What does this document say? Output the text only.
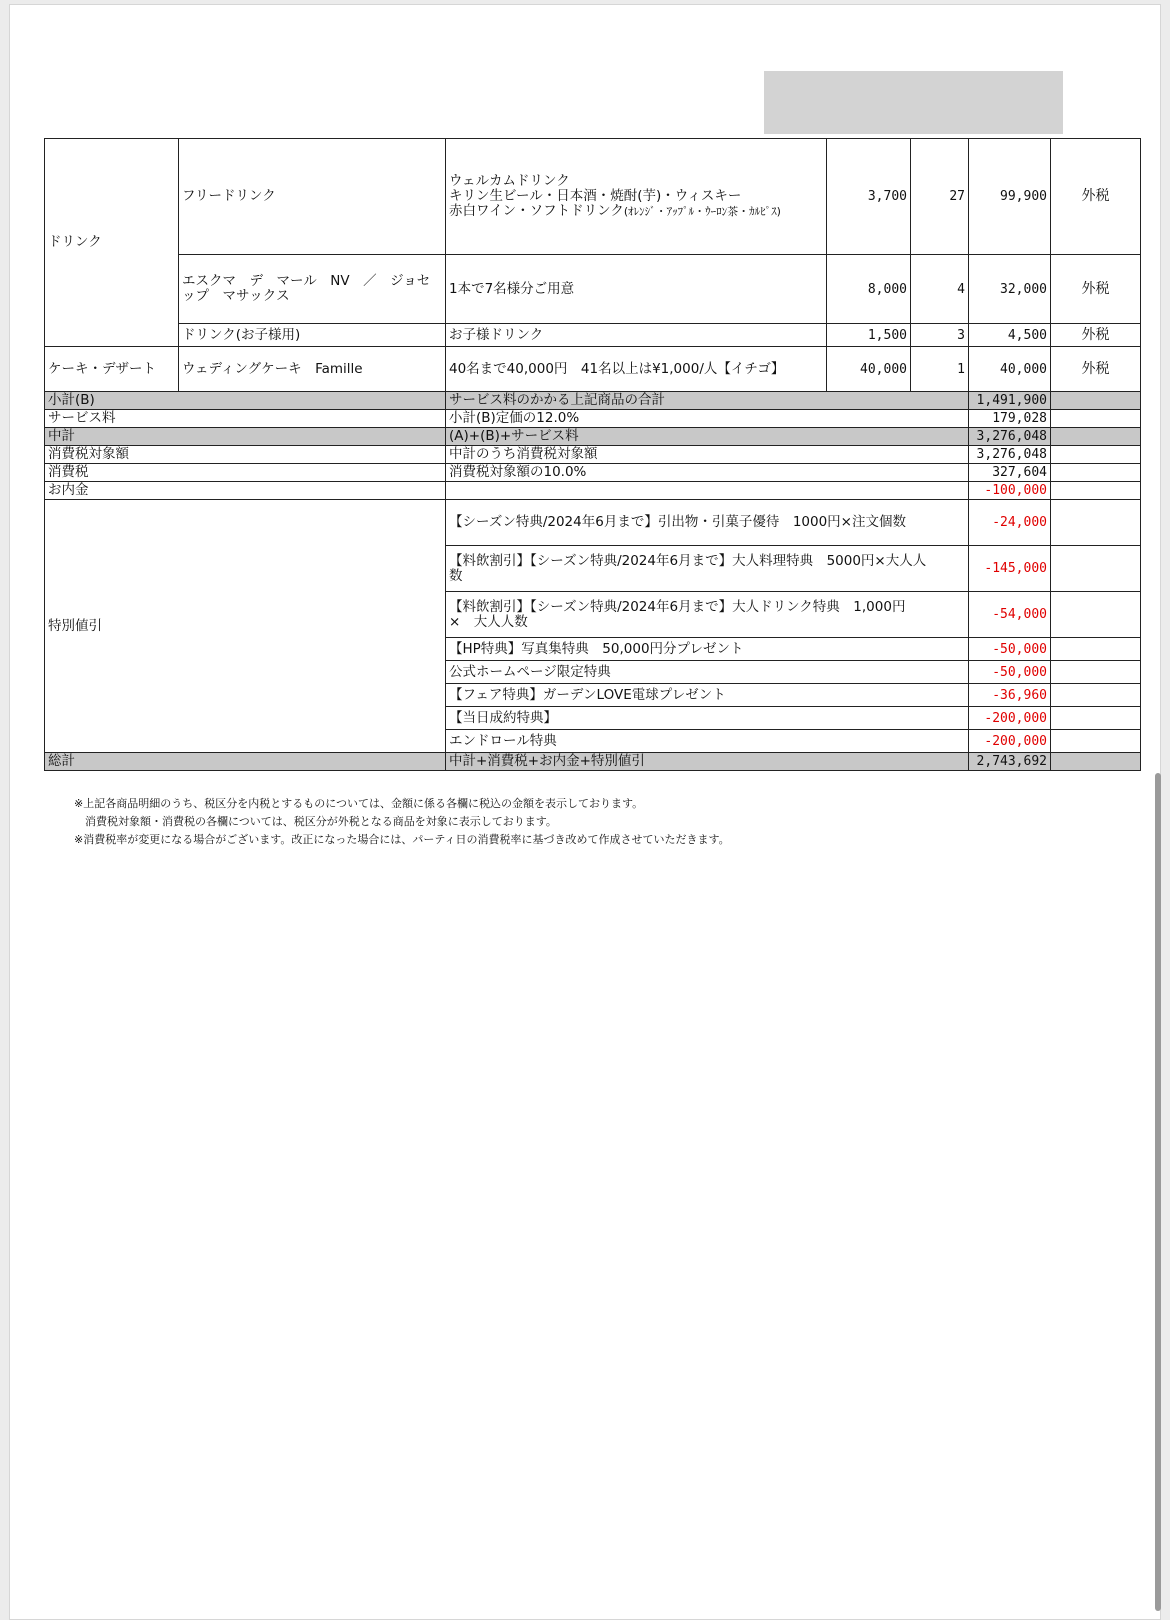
ドリンク	フリードリンク	ウェルカムドリンク
キリン生ビール・日本酒・焼酎(芋)・ウィスキー
赤白ワイン・ソフトドリンク(ｵﾚﾝｼﾞ・ｱｯﾌﾟﾙ・ｳｰﾛﾝ茶・ｶﾙﾋﾟｽ)	3,700	27	99,900	外税
	エスクマ　デ　マール　NV　／　ジョセップ　マサックス	1本で7名様分ご用意	8,000	4	32,000	外税
	ドリンク(お子様用)	お子様ドリンク	1,500	3	4,500	外税
ケーキ・デザート	ウェディングケーキ　Famille	40名まで40,000円　41名以上は¥1,000/人【イチゴ】	40,000	1	40,000	外税
小計(B)		サービス料のかかる上記商品の合計			1,491,900	
サービス料		小計(B)定価の12.0%			179,028	
中計		(A)+(B)+サービス料			3,276,048	
消費税対象額		中計のうち消費税対象額			3,276,048	
消費税		消費税対象額の10.0%			327,604	
お内金					-100,000	
特別値引		【シーズン特典/2024年6月まで】引出物・引菓子優待　1000円×注文個数			-24,000	

		【料飲割引】【シーズン特典/2024年6月まで】大人料理特典　5000円×大人人
数			-145,000	

		【料飲割引】【シーズン特典/2024年6月まで】大人ドリンク特典　1,000円
×　大人人数			-54,000	
		【HP特典】写真集特典　50,000円分プレゼント			-50,000	
		公式ホームページ限定特典			-50,000	
		【フェア特典】ガーデンLOVE電球プレゼント			-36,960	
		【当日成約特典】			-200,000	
		エンドロール特典			-200,000	
総計		中計+消費税+お内金+特別値引			2,743,692	
※上記各商品明細のうち、税区分を内税とするものについては、金額に係る各欄に税込の金額を表示しております。
　消費税対象額・消費税の各欄については、税区分が外税となる商品を対象に表示しております。
※消費税率が変更になる場合がございます。改正になった場合には、パーティ日の消費税率に基づき改めて作成させていただきます。
